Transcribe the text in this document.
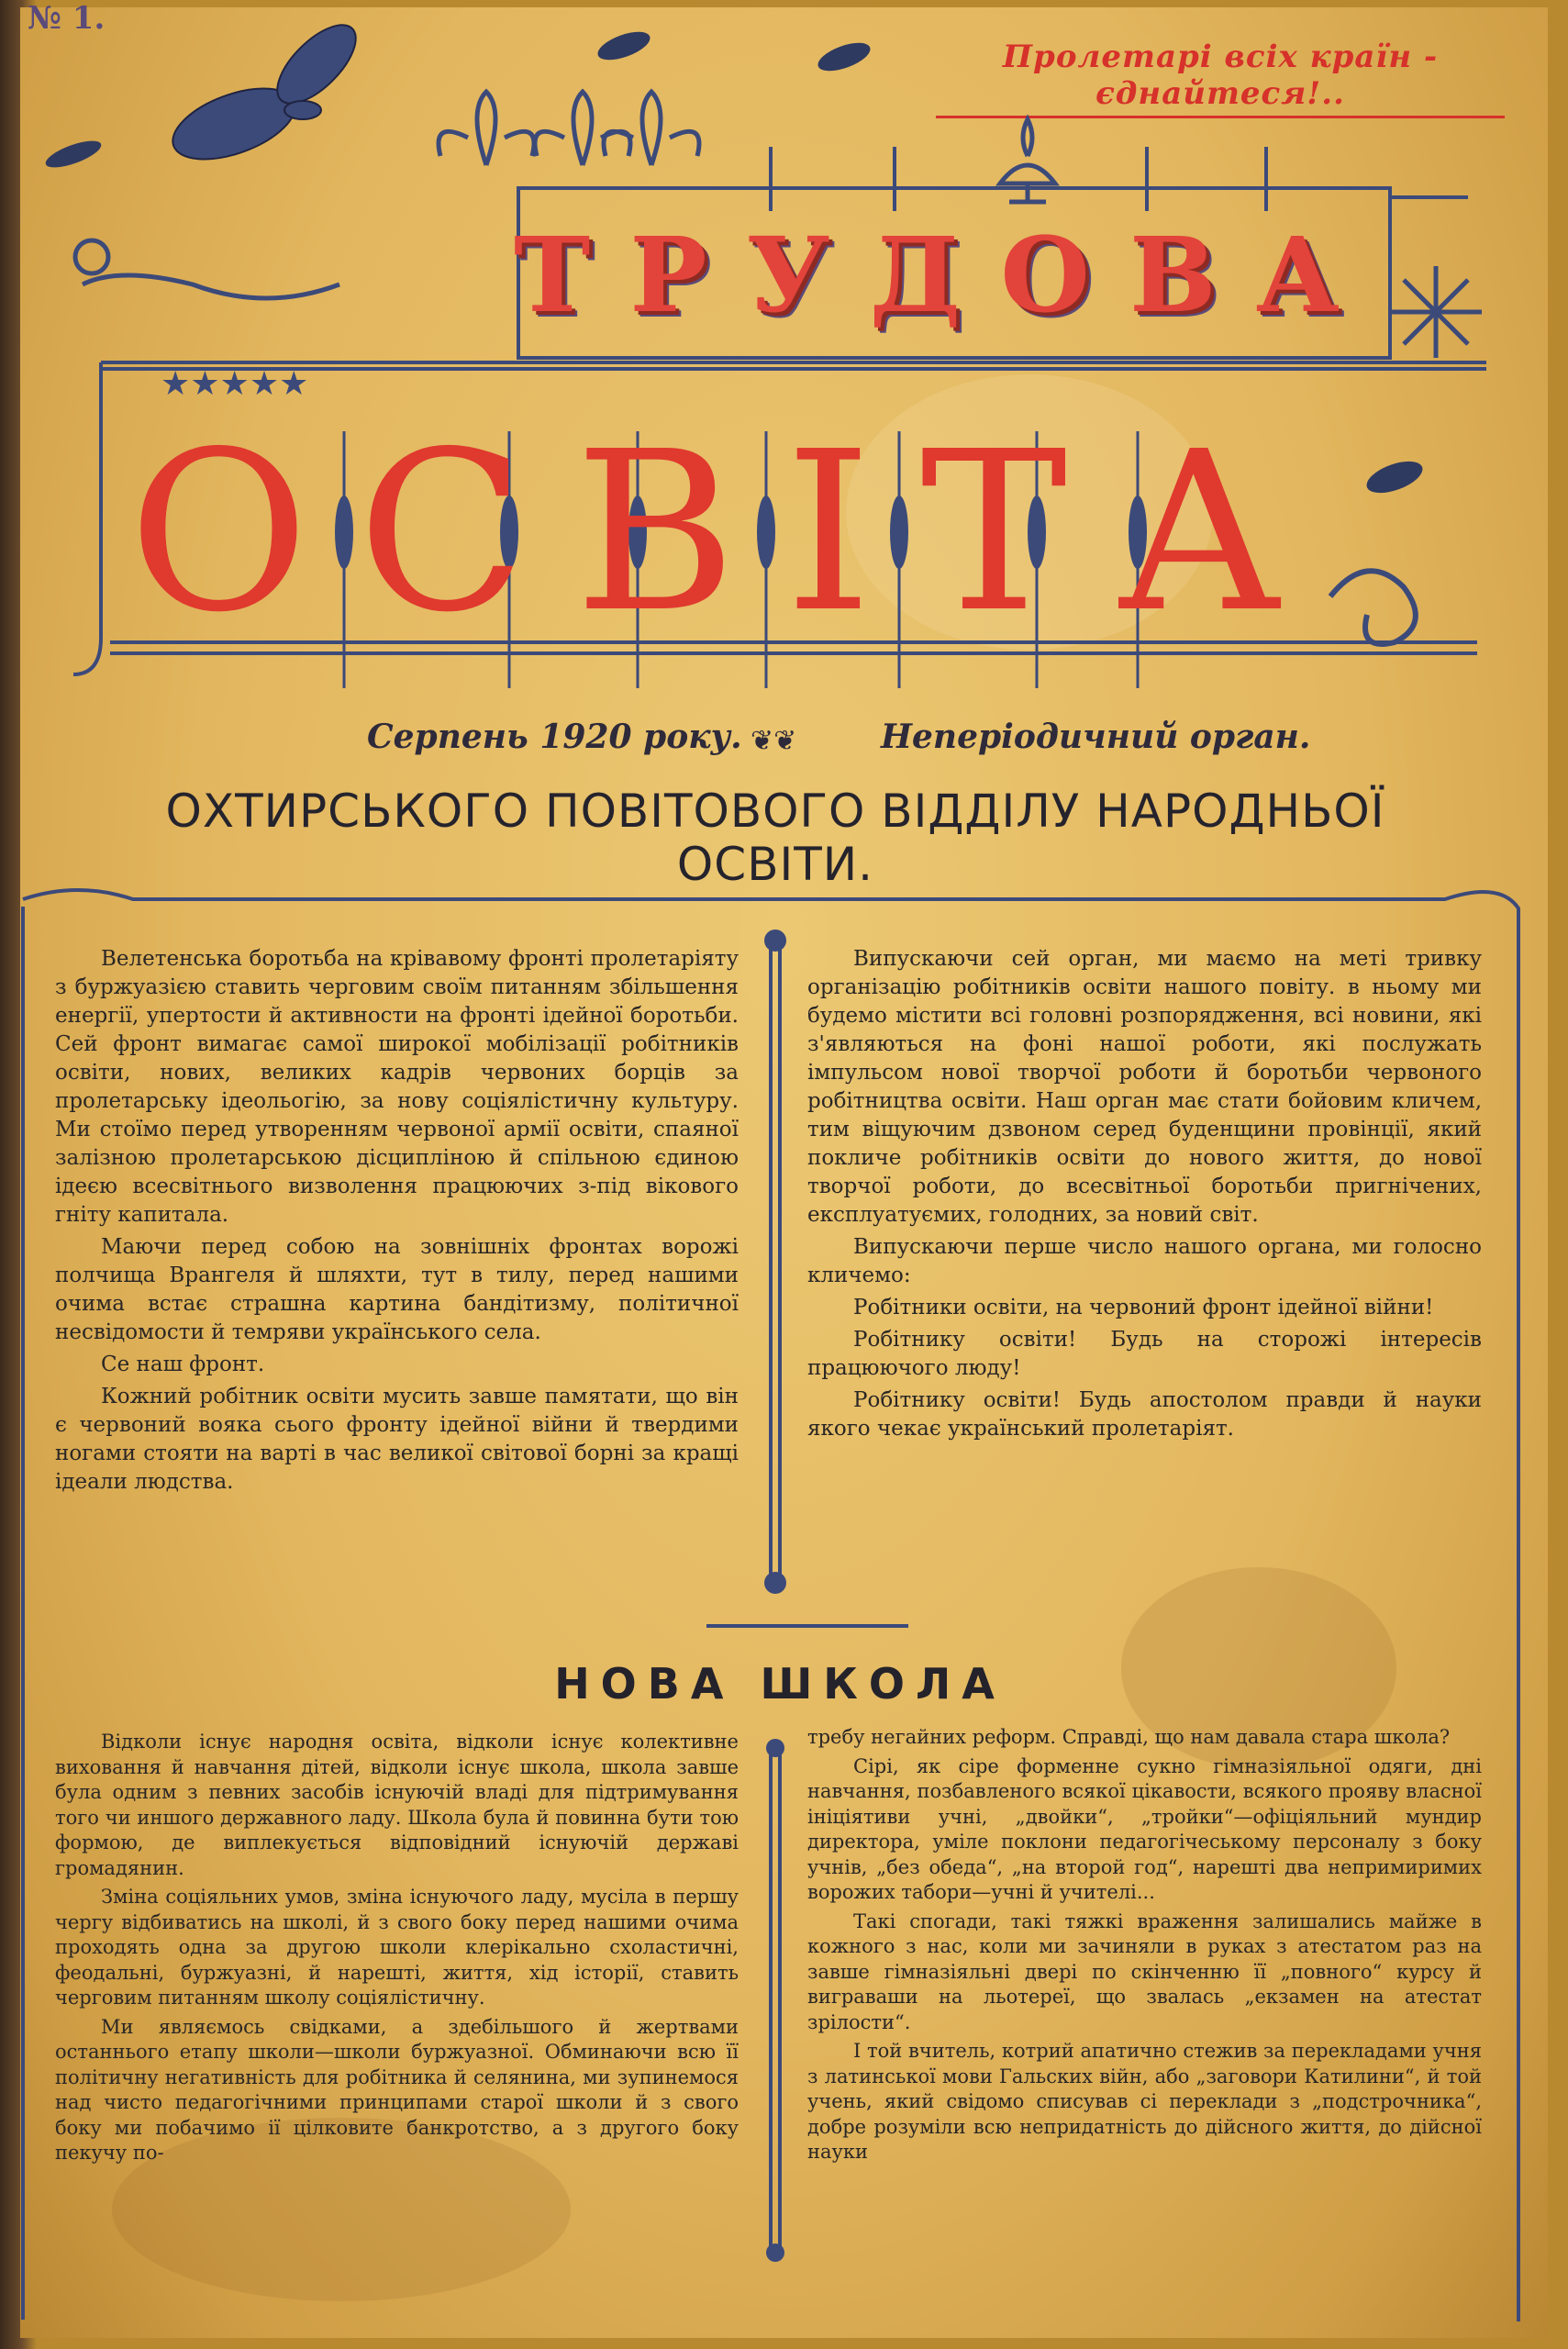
№ 1.
Пролетарі всіх країн - єднайтеся!..
★★★★★
Т Р У Д О В А
О С В І Т А
Серпень 1920 року. ❦❦	Неперіодичний орган.
ОХТИРСЬКОГО ПОВІТОВОГО ВІДДІЛУ НАРОДНЬОЇ ОСВІТИ.

Велетенська боротьба на крівавому фронті пролетаріяту з буржуазією ставить черговим своїм питанням збільшення енергії, упертости й активности на фронті ідейної боротьби. Сей фронт вимагає самої широкої мобілізації робітників освіти, нових, великих кадрів червоних борців за пролетарську ідеольогію, за нову соціялістичну культуру. Ми стоїмо перед утворенням червоної армії освіти, спаяної залізною пролетарською дісципліною й спільною єдиною ідеєю всесвітнього визволення працюючих з-під вікового гніту капитала.

Маючи перед собою на зовнішніх фронтах ворожі полчища Врангеля й шляхти, тут в тилу, перед нашими очима встає страшна картина бандітизму, політичної несвідомости й темряви українського села.

Се наш фронт.

Кожний робітник освіти мусить завше памятати, що він є червоний вояка сього фронту ідейної війни й твердими ногами стояти на варті в час великої світової борні за кращі ідеали людства.

Випускаючи сей орган, ми маємо на меті тривку організацію робітників освіти нашого повіту. в ньому ми будемо містити всі головні розпорядження, всі новини, які з'являються на фоні нашої роботи, які послужать імпульсом нової творчої роботи й боротьби червоного робітництва освіти. Наш орган має стати бойовим кличем, тим віщуючим дзвоном серед буденщини провінції, який покличе робітників освіти до нового життя, до нової творчої роботи, до всесвітньої боротьби пригнічених, експлуатуємих, голодних, за новий світ.

Випускаючи перше число нашого органа, ми голосно кличемо:

Робітники освіти, на червоний фронт ідейної війни!

Робітнику освіти! Будь на сторожі інтересів працюючого люду!

Робітнику освіти! Будь апостолом правди й науки якого чекає український пролетаріят.

НОВА ШКОЛА

Відколи існує народня освіта, відколи існує колективне виховання й навчання дітей, відколи існує школа, школа завше була одним з певних засобів існуючій владі для підтримування того чи иншого державного ладу. Школа була й повинна бути тою формою, де виплекується відповідний існуючій державі громадянин.

Зміна соціяльних умов, зміна існуючого ладу, мусіла в першу чергу відбиватись на школі, й з свого боку перед нашими очима проходять одна за другою школи клерікально схоластичні, феодальні, буржуазні, й нарешті, життя, хід історії, ставить черговим питанням школу соціялістичну.

Ми являємось свідками, а здебільшого й жертвами останнього етапу школи—школи буржуазної. Обминаючи всю її політичну негативність для робітника й селянина, ми зупинемося над чисто педагогічними принципами старої школи й з свого боку ми побачимо ії цілковите банкротство, а з другого боку пекучу по-

требу негайних реформ. Справді, що нам давала стара школа?

Сірі, як сіре форменне сукно гімназіяльної одяги, дні навчання, позбавленого всякої цікавости, всякого прояву власної ініціятиви учні, „двойки“, „тройки“—офіціяльний мундир директора, уміле поклони педагогічеському персоналу з боку учнів, „без обеда“, „на второй год“, нарешті два непримиримих ворожих табори—учні й учителі...

Такі спогади, такі тяжкі враження залишались майже в кожного з нас, коли ми зачиняли в руках з атестатом раз на завше гімназіяльні двері по скінченню її „повного“ курсу й виграваши на льотереї, що звалась „екзамен на атестат зрілости“.

І той вчитель, котрий апатично стежив за перекладами учня з латинської мови Гальских війн, або „заговори Катилини“, й той учень, який свідомо списував сі переклади з „подстрочника“, добре розуміли всю непридатність до дійсного життя, до дійсної науки
